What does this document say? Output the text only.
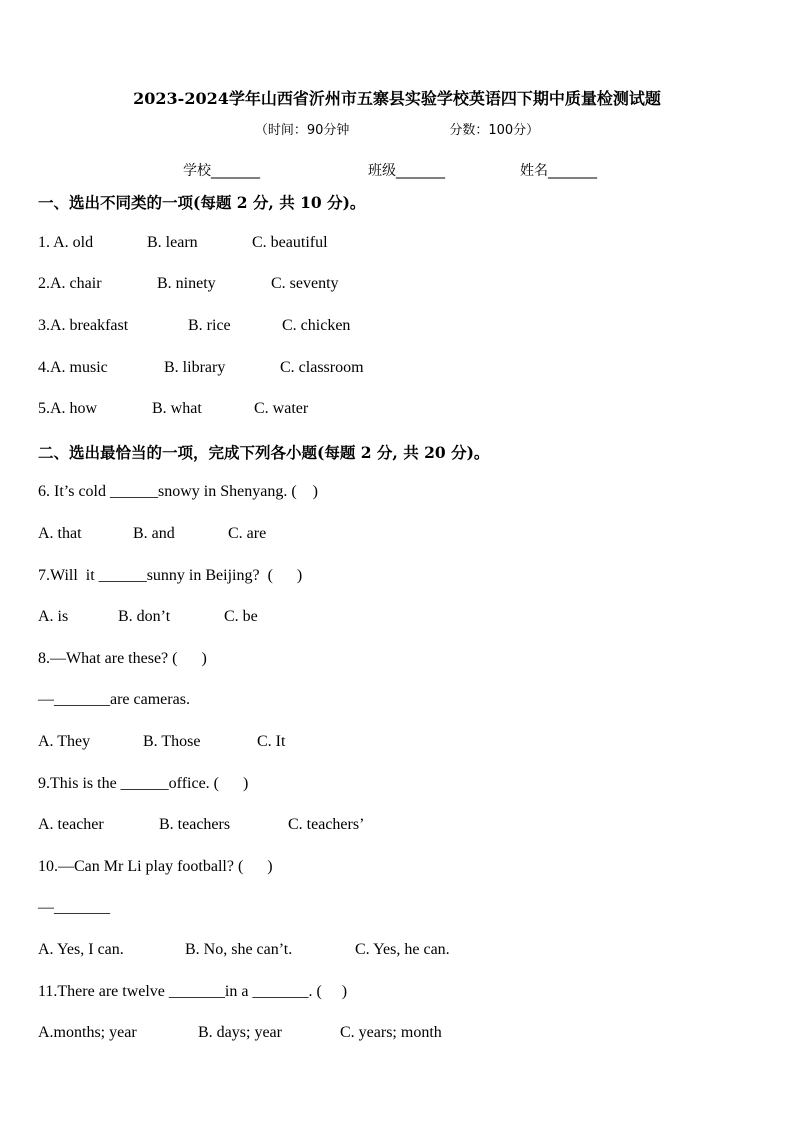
2023-2024学年山西省沂州市五寨县实验学校英语四下期中质量检测试题
（时间：90分钟	分数：100分）
学校_______	班级_______	姓名_______
一、选出不同类的一项(每题 2 分, 共 10 分)。
1. A. old	B. learn	C. beautiful
2.A. chair	B. ninety	C. seventy
3.A. breakfast	B. rice	C. chicken
4.A. music	B. library	C. classroom
5.A. how	B. what	C. water
二、选出最恰当的一项，完成下列各小题(每题 2 分, 共 20 分)。
6. It’s cold ______snowy in Shenyang. (    )
A. that	B. and	C. are
7.Will  it ______sunny in Beijing?  (      )
A. is	B. don’t	C. be
8.—What are these? (      )
—_______are cameras.
A. They	B. Those	C. It
9.This is the ______office. (      )
A. teacher	B. teachers	C. teachers’
10.—Can Mr Li play football? (      )
—_______
A. Yes, I can.	B. No, she can’t.	C. Yes, he can.
11.There are twelve _______in a _______. (     )
A.months; year	B. days; year	C. years; month
